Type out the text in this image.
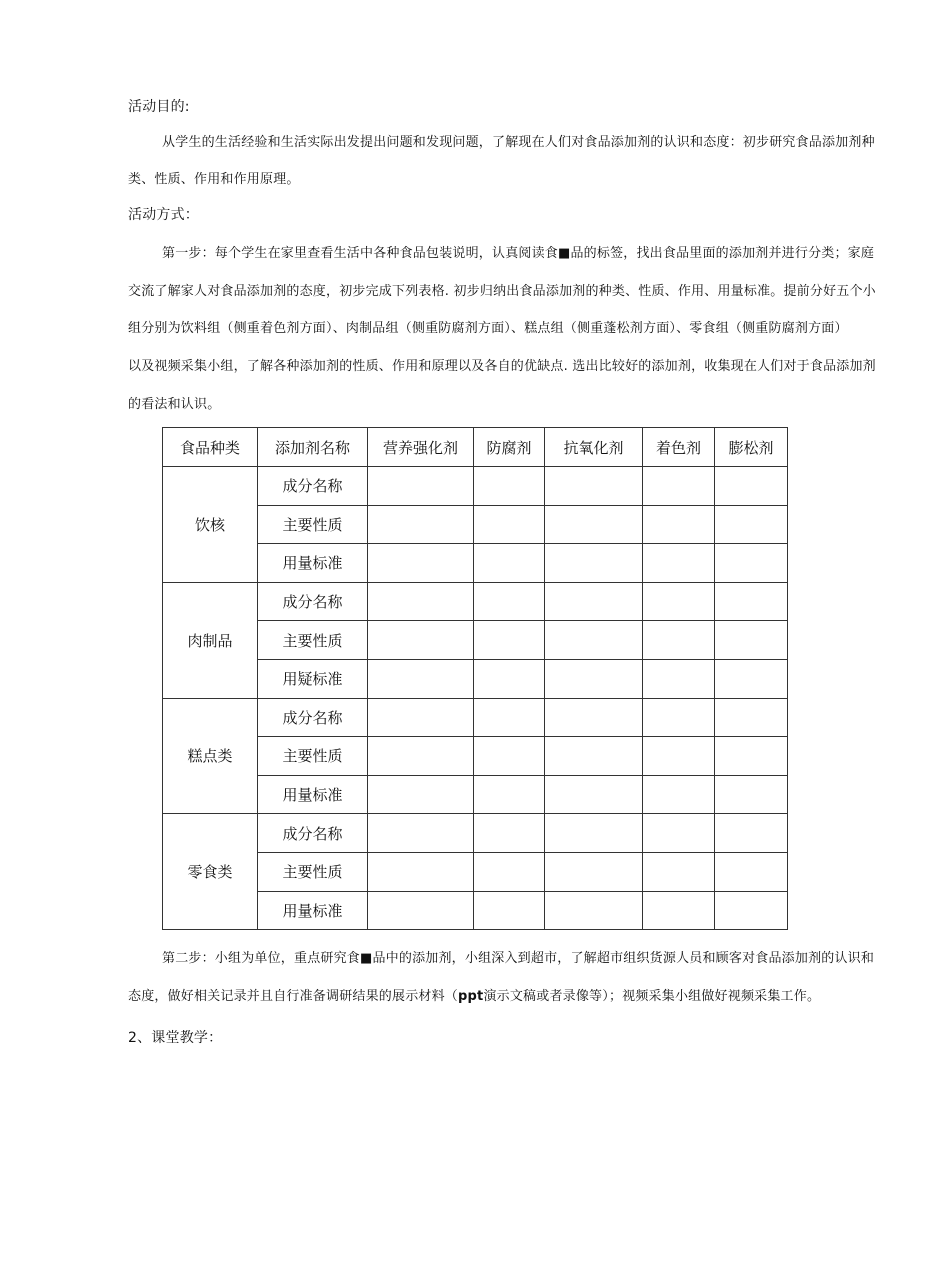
活动目的:
从学生的生活经验和生活实际出发提出问题和发现问题，了解现在人们对食品添加剂的认识和态度：初步研究食品添加剂种
类、性质、作用和作用原理。
活动方式：
第一步：每个学生在家里查看生活中各种食品包装说明，认真阅读食■品的标签，找出食品里面的添加剂并进行分类；家庭
交流了解家人对食品添加剂的态度，初步完成下列表格. 初步归纳出食品添加剂的种类、性质、作用、用量标准。提前分好五个小
组分别为饮料组（侧重着色剂方面）、肉制品组（侧重防腐剂方面）、糕点组（侧重蓬松剂方面）、零食组（侧重防腐剂方面）
以及视频采集小组，了解各种添加剂的性质、作用和原理以及各自的优缺点. 选出比较好的添加剂，收集现在人们对于食品添加剂
的看法和认识。
食品种类	添加剂名称	营养强化剂	防腐剂	抗氧化剂	着色剂	膨松剂
饮核	成分名称					
	主要性质					
	用量标准					
肉制品	成分名称					
	主要性质					
	用疑标准					
糕点类	成分名称					
	主要性质					
	用量标准					
零食类	成分名称					
	主要性质					
	用量标准					
第二步：小组为单位，重点研究食■品中的添加剂，小组深入到超市，了解超市组织货源人员和顾客对食品添加剂的认识和
态度，做好相关记录并且自行准备调研结果的展示材料（ppt演示文稿或者录像等）；视频采集小组做好视频采集工作。
2、课堂教学：
